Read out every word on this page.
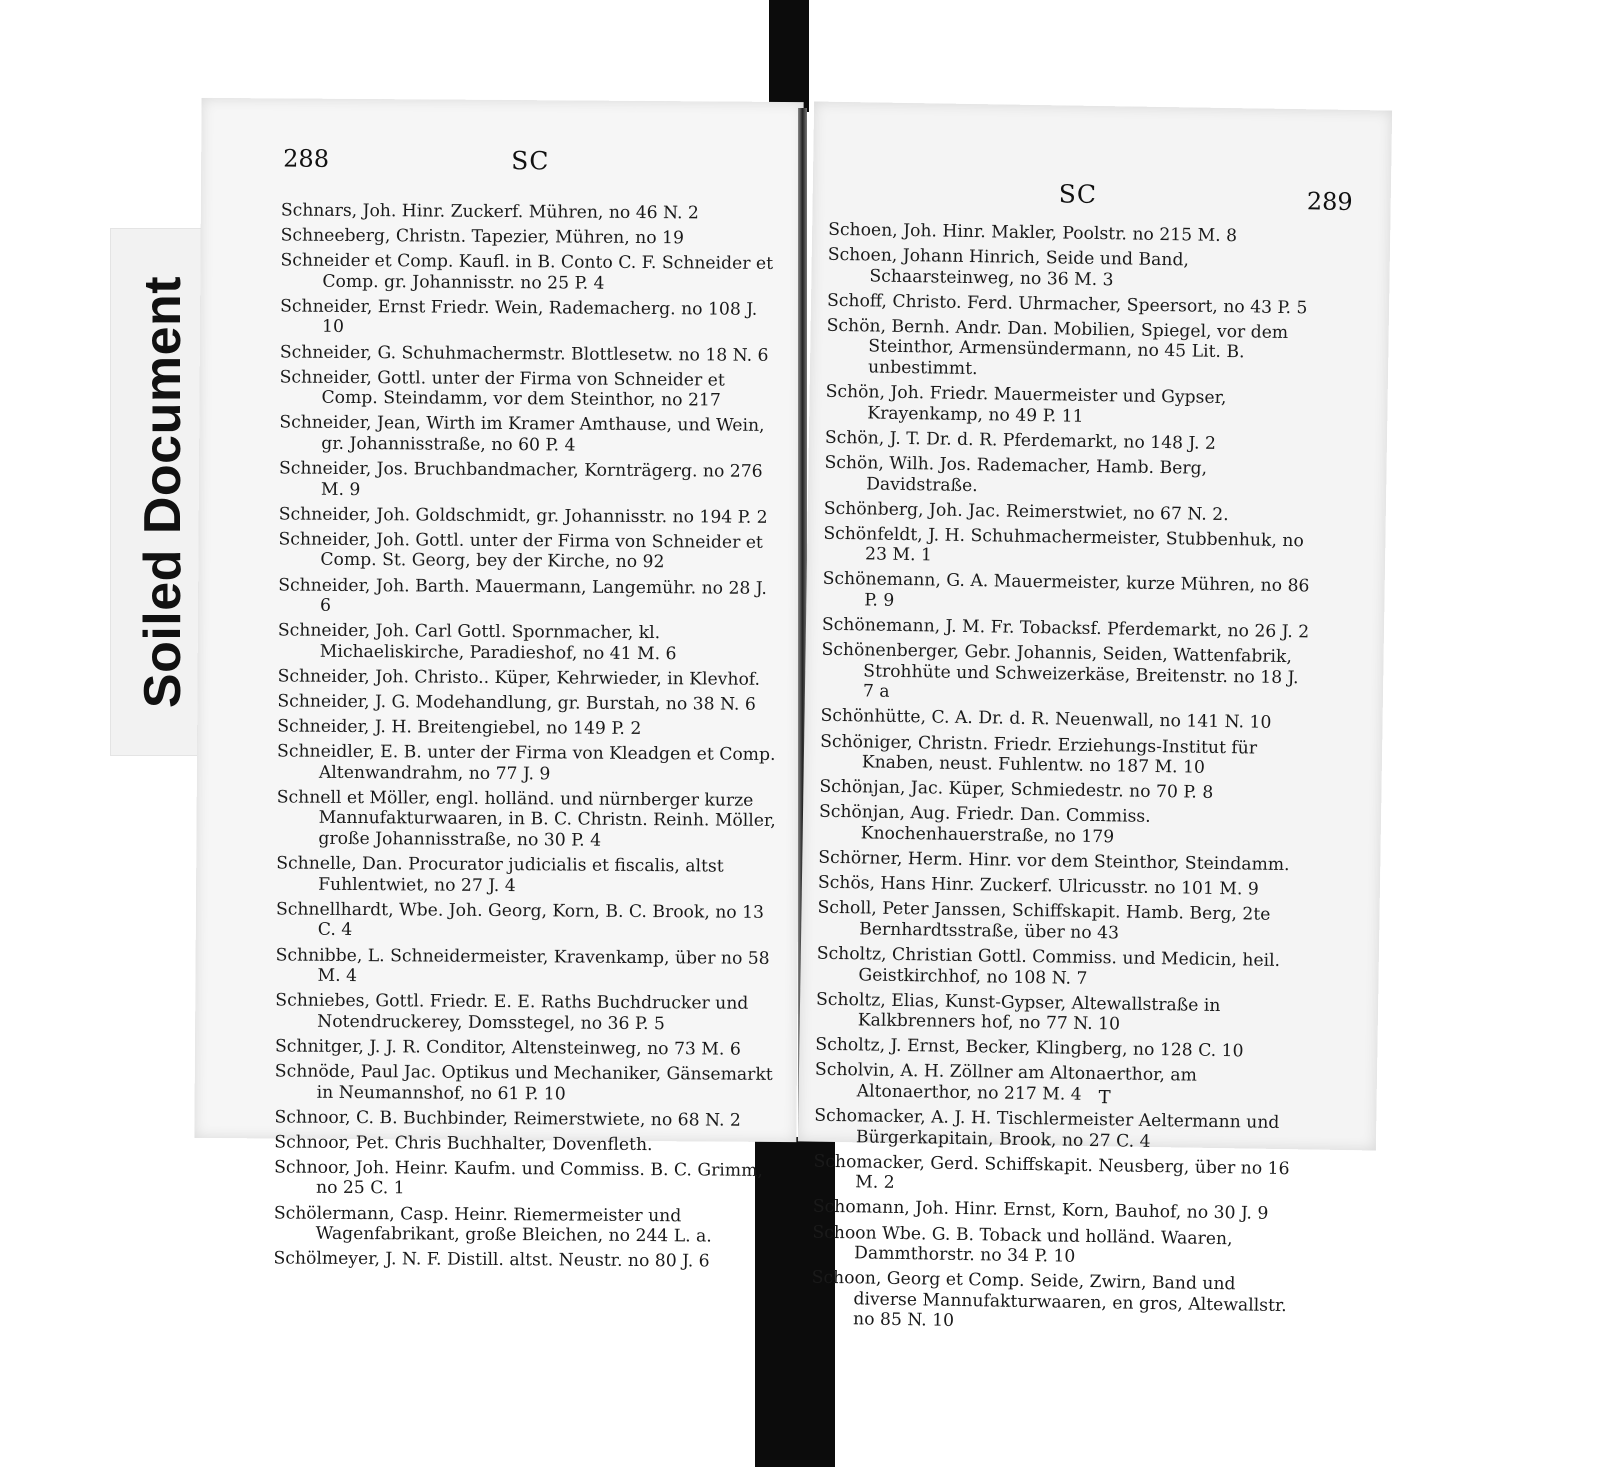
Soiled Document
288	SC
Schnars, Joh. Hinr. Zuckerf. Mühren, no 46 N. 2
Schneeberg, Christn. Tapezier, Mühren, no 19
Schneider et Comp. Kaufl. in B. Conto C. F. Schneider et Comp. gr. Johannisstr. no 25 P. 4
Schneider, Ernst Friedr. Wein, Rademacherg. no 108 J. 10
Schneider, G. Schuhmachermstr. Blottlesetw. no 18 N. 6
Schneider, Gottl. unter der Firma von Schneider et Comp. Steindamm, vor dem Steinthor, no 217
Schneider, Jean, Wirth im Kramer Amthause, und Wein, gr. Johannisstraße, no 60 P. 4
Schneider, Jos. Bruchbandmacher, Kornträgerg. no 276 M. 9
Schneider, Joh. Goldschmidt, gr. Johannisstr. no 194 P. 2
Schneider, Joh. Gottl. unter der Firma von Schneider et Comp. St. Georg, bey der Kirche, no 92
Schneider, Joh. Barth. Mauermann, Langemühr. no 28 J. 6
Schneider, Joh. Carl Gottl. Spornmacher, kl. Michaeliskirche, Paradieshof, no 41 M. 6
Schneider, Joh. Christo.. Küper, Kehrwieder, in Klevhof.
Schneider, J. G. Modehandlung, gr. Burstah, no 38 N. 6
Schneider, J. H. Breitengiebel, no 149 P. 2
Schneidler, E. B. unter der Firma von Kleadgen et Comp. Altenwandrahm, no 77 J. 9
Schnell et Möller, engl. holländ. und nürnberger kurze Mannufakturwaaren, in B. C. Christn. Reinh. Möller, große Johannisstraße, no 30 P. 4
Schnelle, Dan. Procurator judicialis et fiscalis, altst Fuhlentwiet, no 27 J. 4
Schnellhardt, Wbe. Joh. Georg, Korn, B. C. Brook, no 13 C. 4
Schnibbe, L. Schneidermeister, Kravenkamp, über no 58 M. 4
Schniebes, Gottl. Friedr. E. E. Raths Buchdrucker und Notendruckerey, Domsstegel, no 36 P. 5
Schnitger, J. J. R. Conditor, Altensteinweg, no 73 M. 6
Schnöde, Paul Jac. Optikus und Mechaniker, Gänsemarkt in Neumannshof, no 61 P. 10
Schnoor, C. B. Buchbinder, Reimerstwiete, no 68 N. 2
Schnoor, Pet. Chris Buchhalter, Dovenfleth.
Schnoor, Joh. Heinr. Kaufm. und Commiss. B. C. Grimm, no 25 C. 1
Schölermann, Casp. Heinr. Riemermeister und Wagenfabrikant, große Bleichen, no 244 L. a.
Schölmeyer, J. N. F. Distill. altst. Neustr. no 80 J. 6
SC	289
Schoen, Joh. Hinr. Makler, Poolstr. no 215 M. 8
Schoen, Johann Hinrich, Seide und Band, Schaarsteinweg, no 36 M. 3
Schoff, Christo. Ferd. Uhrmacher, Speersort, no 43 P. 5
Schön, Bernh. Andr. Dan. Mobilien, Spiegel, vor dem Steinthor, Armensündermann, no 45 Lit. B. unbestimmt.
Schön, Joh. Friedr. Mauermeister und Gypser, Krayenkamp, no 49 P. 11
Schön, J. T. Dr. d. R. Pferdemarkt, no 148 J. 2
Schön, Wilh. Jos. Rademacher, Hamb. Berg, Davidstraße.
Schönberg, Joh. Jac. Reimerstwiet, no 67 N. 2.
Schönfeldt, J. H. Schuhmachermeister, Stubbenhuk, no 23 M. 1
Schönemann, G. A. Mauermeister, kurze Mühren, no 86 P. 9
Schönemann, J. M. Fr. Tobacksf. Pferdemarkt, no 26 J. 2
Schönenberger, Gebr. Johannis, Seiden, Wattenfabrik, Strohhüte und Schweizerkäse, Breitenstr. no 18 J. 7 a
Schönhütte, C. A. Dr. d. R. Neuenwall, no 141 N. 10
Schöniger, Christn. Friedr. Erziehungs-Institut für Knaben, neust. Fuhlentw. no 187 M. 10
Schönjan, Jac. Küper, Schmiedestr. no 70 P. 8
Schönjan, Aug. Friedr. Dan. Commiss. Knochenhauerstraße, no 179
Schörner, Herm. Hinr. vor dem Steinthor, Steindamm.
Schös, Hans Hinr. Zuckerf. Ulricusstr. no 101 M. 9
Scholl, Peter Janssen, Schiffskapit. Hamb. Berg, 2te Bernhardtsstraße, über no 43
Scholtz, Christian Gottl. Commiss. und Medicin, heil. Geistkirchhof, no 108 N. 7
Scholtz, Elias, Kunst-Gypser, Altewallstraße in Kalkbrenners hof, no 77 N. 10
Scholtz, J. Ernst, Becker, Klingberg, no 128 C. 10
Scholvin, A. H. Zöllner am Altonaerthor, am Altonaerthor, no 217 M. 4
Schomacker, A. J. H. Tischlermeister Aeltermann und Bürgerkapitain, Brook, no 27 C. 4
Schomacker, Gerd. Schiffskapit. Neusberg, über no 16 M. 2
Schomann, Joh. Hinr. Ernst, Korn, Bauhof, no 30 J. 9
Schoon Wbe. G. B. Toback und holländ. Waaren, Dammthorstr. no 34 P. 10
Schoon, Georg et Comp. Seide, Zwirn, Band und diverse Mannufakturwaaren, en gros, Altewallstr. no 85 N. 10
T
